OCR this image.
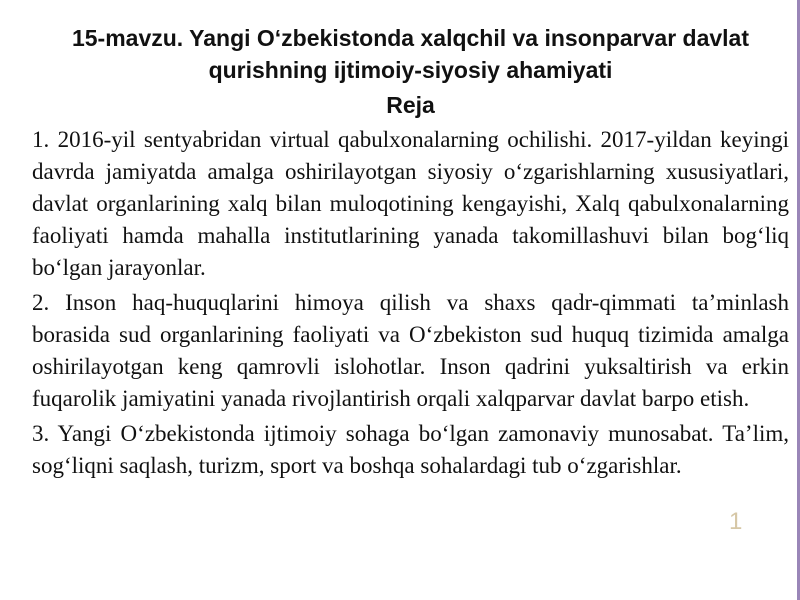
15-mavzu. Yangi O‘zbekistonda xalqchil va insonparvar davlat
qurishning ijtimoiy-siyosiy ahamiyati
Reja

1. 2016-yil sentyabridan virtual qabulxonalarning ochilishi. 2017-yildan keyingi davrda jamiyatda amalga oshirilayotgan siyosiy o‘zgarishlarning xususiyatlari, davlat organlarining xalq bilan muloqotining kengayishi, Xalq qabulxonalarning faoliyati hamda mahalla institutlarining yanada takomillashuvi bilan bog‘liq bo‘lgan jarayonlar.

2. Inson haq-huquqlarini himoya qilish va shaxs qadr-qimmati ta’minlash borasida sud organlarining faoliyati va O‘zbekiston sud huquq tizimida amalga oshirilayotgan keng qamrovli islohotlar. Inson qadrini yuksaltirish va erkin fuqarolik jamiyatini yanada rivojlantirish orqali xalqparvar davlat barpo etish.

3. Yangi O‘zbekistonda ijtimoiy sohaga bo‘lgan zamonaviy munosabat. Ta’lim, sog‘liqni saqlash, turizm, sport va boshqa sohalardagi tub o‘zgarishlar.

1
